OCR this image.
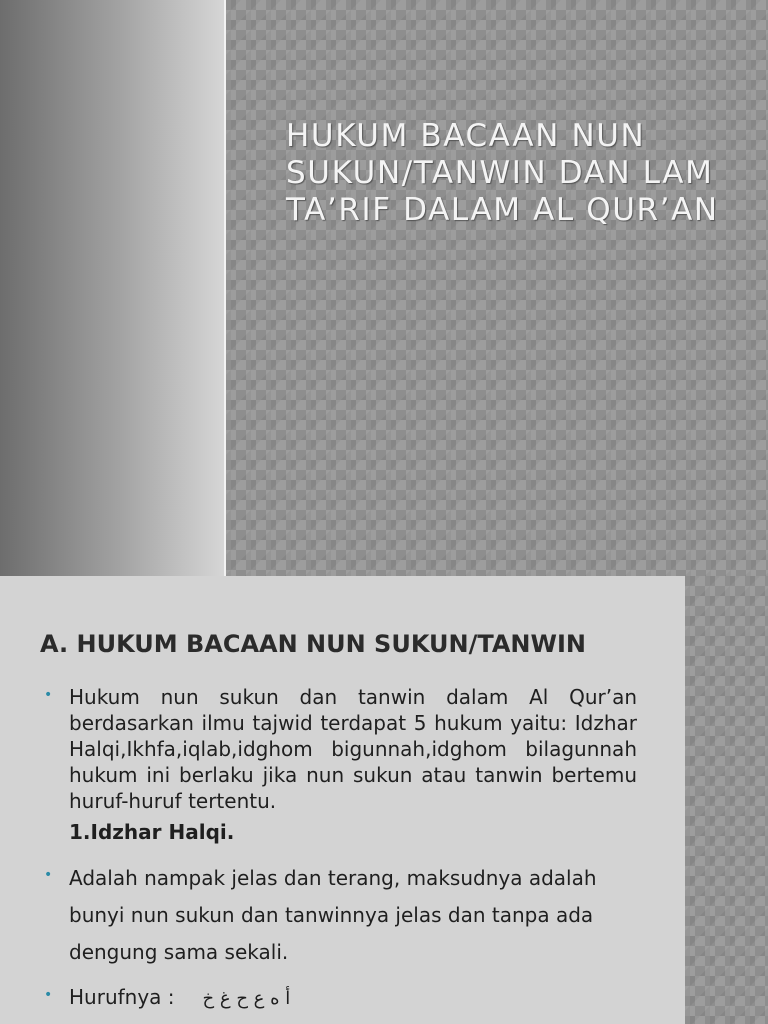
HUKUM BACAAN NUN SUKUN/TANWIN DAN LAM TA’RIF DALAM AL QUR’AN
A. HUKUM BACAAN NUN SUKUN/TANWIN
• Hukum nun sukun dan tanwin dalam Al Qur’an berdasarkan ilmu tajwid terdapat 5 hukum yaitu: Idzhar Halqi,Ikhfa,iqlab,idghom bigunnah,idghom bilagunnah hukum ini berlaku jika nun sukun atau tanwin bertemu huruf-huruf tertentu.

1.Idzhar Halqi.

• Adalah nampak jelas dan terang, maksudnya adalah bunyi nun sukun dan tanwinnya jelas dan tanpa ada dengung sama sekali.

• Hurufnya : أ ه ع ح غ خ
